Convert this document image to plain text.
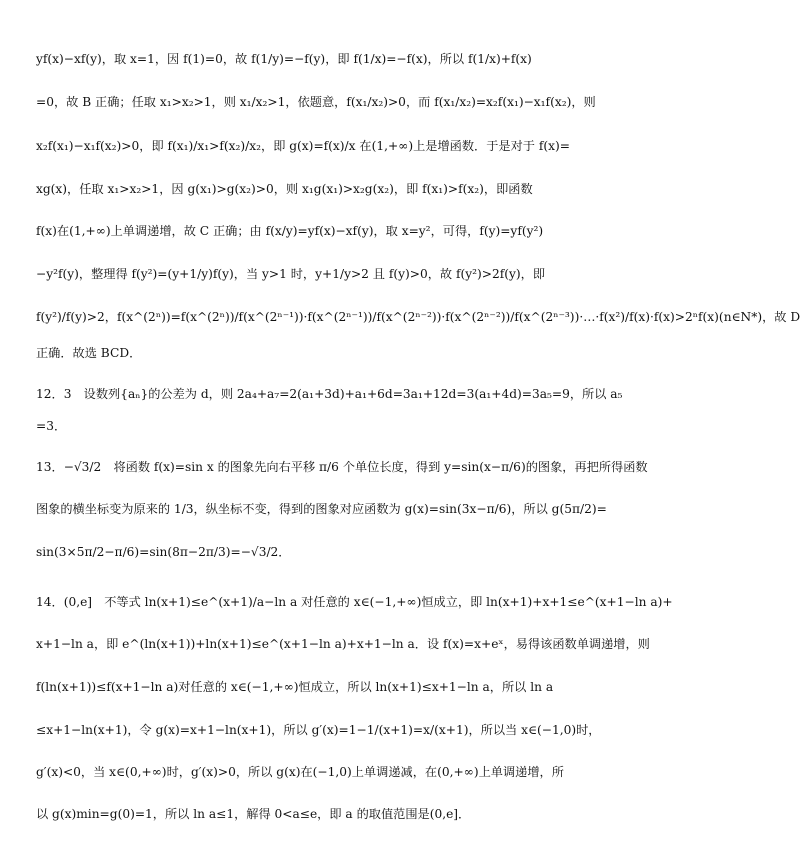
yf(x)−xf(y)，取 x=1，因 f(1)=0，故 f(1/y)=−f(y)，即 f(1/x)=−f(x)，所以 f(1/x)+f(x)
=0，故 B 正确；任取 x₁>x₂>1，则 x₁/x₂>1，依题意，f(x₁/x₂)>0，而 f(x₁/x₂)=x₂f(x₁)−x₁f(x₂)，则
x₂f(x₁)−x₁f(x₂)>0，即 f(x₁)/x₁>f(x₂)/x₂，即 g(x)=f(x)/x 在(1,+∞)上是增函数．于是对于 f(x)=
xg(x)，任取 x₁>x₂>1，因 g(x₁)>g(x₂)>0，则 x₁g(x₁)>x₂g(x₂)，即 f(x₁)>f(x₂)，即函数
f(x)在(1,+∞)上单调递增，故 C 正确；由 f(x/y)=yf(x)−xf(y)，取 x=y²，可得，f(y)=yf(y²)
−y²f(y)，整理得 f(y²)=(y+1/y)f(y)，当 y>1 时，y+1/y>2 且 f(y)>0，故 f(y²)>2f(y)，即
f(y²)/f(y)>2，f(x^(2ⁿ))=f(x^(2ⁿ))/f(x^(2ⁿ⁻¹))·f(x^(2ⁿ⁻¹))/f(x^(2ⁿ⁻²))·f(x^(2ⁿ⁻²))/f(x^(2ⁿ⁻³))·…·f(x²)/f(x)·f(x)>2ⁿf(x)(n∈N*)，故 D
正确．故选 BCD．
12．3　设数列{aₙ}的公差为 d，则 2a₄+a₇=2(a₁+3d)+a₁+6d=3a₁+12d=3(a₁+4d)=3a₅=9，所以 a₅
=3．
13．−√3/2　将函数 f(x)=sin x 的图象先向右平移 π/6 个单位长度，得到 y=sin(x−π/6)的图象，再把所得函数
图象的横坐标变为原来的 1/3，纵坐标不变，得到的图象对应函数为 g(x)=sin(3x−π/6)，所以 g(5π/2)=
sin(3×5π/2−π/6)=sin(8π−2π/3)=−√3/2．
14．(0,e]　不等式 ln(x+1)≤e^(x+1)/a−ln a 对任意的 x∈(−1,+∞)恒成立，即 ln(x+1)+x+1≤e^(x+1−ln a)+
x+1−ln a，即 e^(ln(x+1))+ln(x+1)≤e^(x+1−ln a)+x+1−ln a．设 f(x)=x+eˣ，易得该函数单调递增，则
f(ln(x+1))≤f(x+1−ln a)对任意的 x∈(−1,+∞)恒成立，所以 ln(x+1)≤x+1−ln a，所以 ln a
≤x+1−ln(x+1)，令 g(x)=x+1−ln(x+1)，所以 g′(x)=1−1/(x+1)=x/(x+1)，所以当 x∈(−1,0)时，
g′(x)<0，当 x∈(0,+∞)时，g′(x)>0，所以 g(x)在(−1,0)上单调递减，在(0,+∞)上单调递增，所
以 g(x)min=g(0)=1，所以 ln a≤1，解得 0<a≤e，即 a 的取值范围是(0,e]．
